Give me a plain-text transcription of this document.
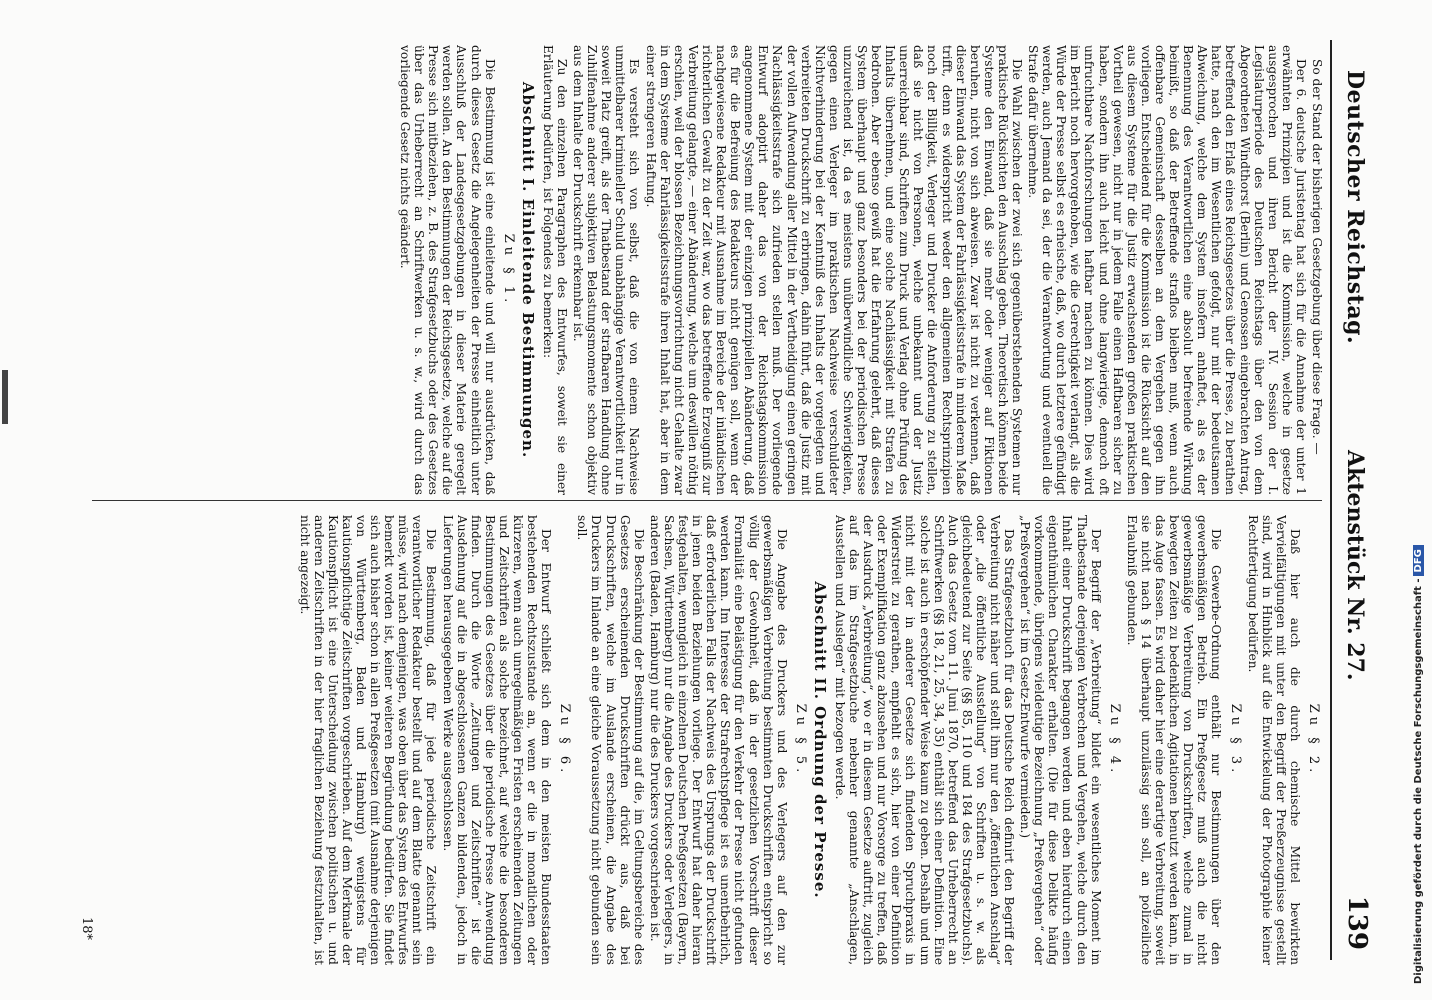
Deutscher Reichstag.
Aktenstück Nr. 27.
139

So der Stand der bisherigen Gesetzgebung über diese Frage. —

Der 6. deutsche Juristentag hat sich für die Annahme der unter 1 erwähnten Prinzipien und ist die Kommission, welche in gesetze ausgesprochen und ihren Bericht der IV. Session der I. Legislaturperiode des Deutschen Reichstags über den von dem Abgeordneten Windthorst (Berlin) und Genossen eingebrachten Antrag, betreffend den Erlaß eines Reichsgesetzes über die Presse, zu berathen hatte, nach den im Wesentlichen gefolgt, nur mit der bedeutsamen Abweichung, welche dem System insofern anhaftet, als es der Benennung des Verantwortlichen eine absolut befreiende Wirkung beimißt, so daß der Betreffende straflos bleiben muß, wenn auch offenbare Gemeinschaft desselben an dem Vergehen gegen ihn vorliegen. Entscheidend für die Kommission ist die Rücksicht auf den aus diesem Systeme für die Justiz erwachsenden großen praktischen Vortheil gewesen, nicht nur in jedem Falle einen Haftbaren sicher zu haben, sondern ihn auch leicht und ohne langwierige, dennoch oft unfruchtbare Nachforschungen haftbar machen zu können. Dies wird im Bericht noch hervorgehoben, wie die Gerechtigkeit verlangt, als die Würde der Presse selbst es erheische, daß, wo durch letztere gefündigt werden, auch Jemand da sei, der die Verantwortung und eventuell die Strafe dafür übernehme.

Die Wahl zwischen der zwei sich gegenüberstehenden Systemen nur praktische Rücksichten den Ausschlag geben. Theoretisch können beide Systeme den Einwand, daß sie mehr oder weniger auf Fiktionen beruhen, nicht von sich abweisen. Zwar ist nicht zu verkennen, daß dieser Einwand das System der Fahrlässigkeitsstrafe in minderem Maße trifft, denn es widerspricht weder den allgemeinen Rechtsprinzipien noch der Billigkeit, Verleger und Drucker die Anforderung zu stellen, daß sie nicht von Personen, welche unbekannt und der Justiz unerreichbar sind, Schriften zum Druck und Verlag ohne Prüfung des Inhalts übernehmen, und eine solche Nachlässigkeit mit Strafen zu bedrohen. Aber ebenso gewiß hat die Erfahrung gelehrt, daß dieses System überhaupt und ganz besonders bei der periodischen Presse unzureichend ist, da es meistens unüberwindliche Schwierigkeiten, gegen einen Verleger im praktischen Nachweise verschuldeter Nichtverhinderung bei der Kenntniß des Inhalts der vorgelegten und verbreiteten Druckschrift zu erbringen, dahin führt, daß die Justiz mit der vollen Aufwendung aller Mittel in der Vertheidigung einen geringen Nachlässigkeitsstrafe sich zufrieden stellen muß. Der vorliegende Entwurf adoptirt daher das von der Reichstagskommission angenommene System mit der einzigen prinzipiellen Abänderung, daß es für die Befreiung des Redakteurs nicht genügen soll, wenn der nachgewiesene Redakteur mit Ausnahme im Bereiche der inländischen richterlichen Gewalt zu der Zeit war, wo das betreffende Erzeugniß zur Verbreitung gelangte, — einer Abänderung, welche um deswillen nöthig erschien, weil der blossen Bezeichnungsvorrichtung nicht Gehalte zwar in dem Systeme der Fahrlässigkeitsstrafe ihren Inhalt hat, aber in dem einer strengeren Haftung.

Es versteht sich von selbst, daß die von einem Nachweise unmittelbarer krimineller Schuld unabhängige Verantwortlichkeit nur in soweit Platz greift, als der Thatbestand der strafbaren Handlung ohne Zuhilfenahme anderer subjektiven Belastungsmomente schon objektiv aus dem Inhalte der Druckschrift erkennbar ist.

Zu den einzelnen Paragraphen des Entwurfes, soweit sie einer Erläuterung bedürfen, ist Folgendes zu bemerken:

Abschnitt I. Einleitende Bestimmungen.

Zu § 1.

Die Bestimmung ist eine einleitende und will nur ausdrücken, daß durch dieses Gesetz die Angelegenheiten der Presse einheitlich unter Ausschluß der Landesgesetzgebungen in dieser Materie geregelt werden sollen. An den Bestimmungen der Reichsgesetze, welche auf die Presse sich mitbeziehen, z. B. des Strafgesetzbuchs oder des Gesetzes über das Urheberrecht an Schriftwerken u. s. w., wird durch das vorliegende Gesetz nichts geändert.

Zu § 2.

Daß hier auch die durch chemische Mittel bewirkten Vervielfältigungen mit unter den Begriff der Preßerzeugnisse gestellt sind, wird in Hinblick auf die Entwickelung der Photographie keiner Rechtfertigung bedürfen.

Zu § 3.

Die Gewerbe-Ordnung enthält nur Bestimmungen über den gewerbsmäßigen Betrieb. Ein Preßgesetz muß auch die nicht gewerbsmäßige Verbreitung von Druckschriften, welche zumal in bewegten Zeiten zu bedenklichen Agitationen benutzt werden kann, in das Auge fassen. Es wird daher hier eine derartige Verbreitung, soweit sie nicht nach § 14 überhaupt unzulässig sein soll, an polizeiliche Erlaubniß gebunden.

Zu § 4.

Der Begriff der „Verbreitung“ bildet ein wesentliches Moment im Thatbestande derjenigen Verbrechen und Vergehen, welche durch den Inhalt einer Druckschrift begangen werden und eben hierdurch einen eigenthümlichen Charakter erhalten. (Die für diese Delikte häufig vorkommende, übrigens vieldeutige Bezeichnung „Preßvergehen“ oder „Preßvergehen“ ist im Gesetz-Entwurfe vermieden.)

Das Strafgesetzbuch für das Deutsche Reich definirt den Begriff der Verbreitung nicht näher und stellt ihm nur den „öffentlichen Anschlag“ oder „die öffentliche Ausstellung“ von Schriften u. s. w. als gleichbedeutend zur Seite (§§ 85, 110 und 184 des Strafgesetzbuchs). Auch das Gesetz vom 11. Juni 1870, betreffend das Urheberrecht an Schriftwerken (§§ 18, 21, 25, 34, 35) enthält sich einer Definition. Eine solche ist auch in erschöpfender Weise kaum zu geben. Deshalb und um nicht mit der in anderer Gesetze sich findenden Spruchpraxis in Widerstreit zu gerathen, empfiehlt es sich, hier von einer Definition oder Exemplifikation ganz abzusehen und nur Vorsorge zu treffen, daß der Ausdruck „Verbreitung“, wo er in diesem Gesetze auftritt, zugleich auf das im Strafgesetzbuche nebenher genannte „Anschlagen, Ausstellen und Auslegen“ mit bezogen werde.

Abschnitt II. Ordnung der Presse.

Zu § 5.

Die Angabe des Druckers und des Verlegers auf den zur gewerbsmäßigen Verbreitung bestimmten Druckschriften entspricht so völlig der Gewohnheit, daß in der gesetzlichen Vorschrift dieser Formalität eine Belästigung für den Verkehr der Presse nicht gefunden werden kann. Im Interesse der Strafrechtspflege ist es unentbehrlich, daß erforderlichen Falls der Nachweis des Ursprungs der Druckschrift in jenen beiden Beziehungen vorliege. Der Entwurf hat daher hieran festgehalten, wenngleich in einzelnen Deutschen Preßgesetzen (Bayern, Sachsen, Württemberg) nur die Angabe des Druckers oder Verlegers, in anderen (Baden, Hamburg) nur die des Druckers vorgeschrieben ist.

Die Beschränkung der Bestimmung auf die, im Geltungsbereiche des Gesetzes erscheinenden Druckschriften drückt aus, daß bei Druckschriften, welche im Auslande erscheinen, die Angabe des Druckers im Inlande an eine gleiche Voraussetzung nicht gebunden sein soll.

Zu § 6.

Der Entwurf schließt sich dem in den meisten Bundesstaaten bestehenden Rechtszustande an, wenn er die in monatlichen oder kürzeren, wenn auch unregelmäßigen Fristen erscheinenden Zeitungen und Zeitschriften als solche bezeichnet, auf welche die besonderen Bestimmungen des Gesetzes über die periodische Presse Anwendung finden. Durch die Worte „Zeitungen und Zeitschriften“ ist die Ausdehnung auf die in abgeschlossenen Ganzen bildenden, jedoch in Lieferungen herausgegebenen Werke ausgeschlossen.

Die Bestimmung, daß für jede periodische Zeitschrift ein verantwortlicher Redakteur bestellt und auf dem Blatte genannt sein müsse, wird nach demjenigen, was oben über das System des Entwurfes bemerkt worden ist, keiner weiteren Begründung bedürfen. Sie findet sich auch bisher schon in allen Preßgesetzen (mit Ausnahme derjenigen von Württemberg, Baden und Hamburg) wenigstens für kautionspflichtige Zeitschriften vorgeschrieben. Auf dem Merkmale der Kautionspflicht ist eine Unterscheidung zwischen politischen u. und anderen Zeitschriften in der hier fraglichen Beziehung festzuhalten, ist nicht angezeigt.

18*	Digitalisierung gefördert durch die Deutsche Forschungsgemeinschaft -DFG
